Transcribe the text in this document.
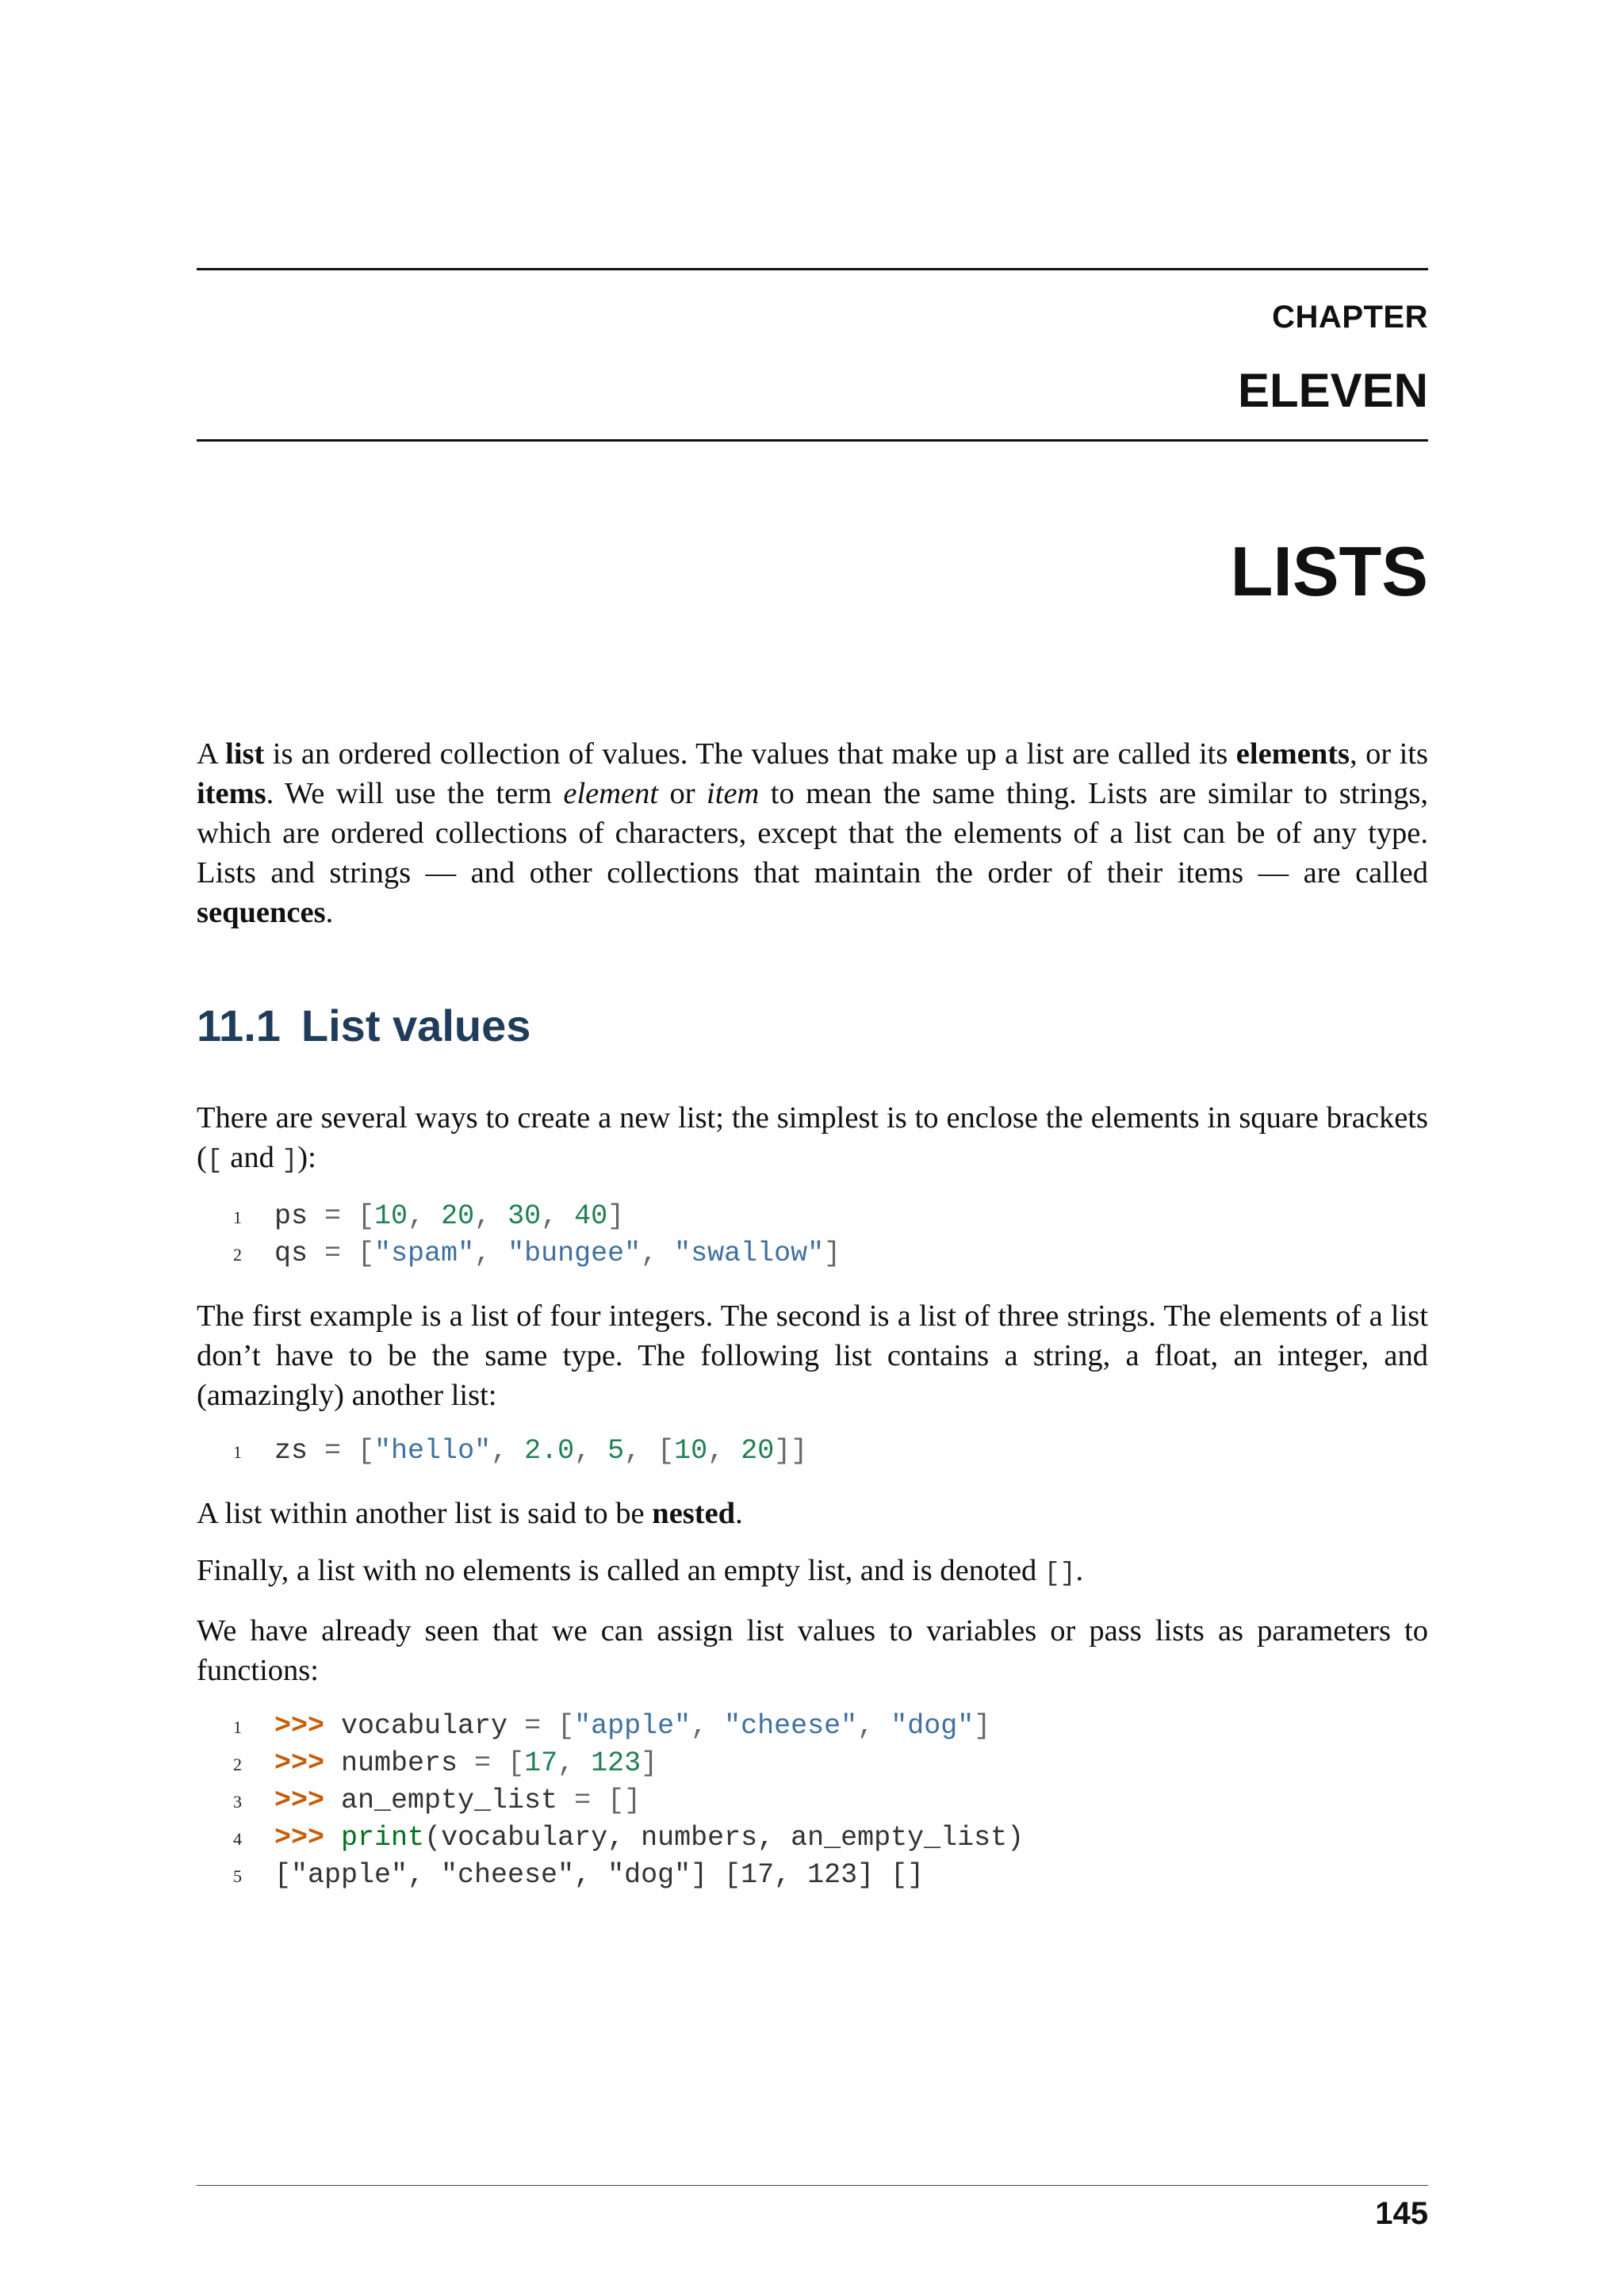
CHAPTER
ELEVEN
LISTS

A list is an ordered collection of values. The values that make up a list are called its elements, or its items. We will use the term element or item to mean the same thing. Lists are similar to strings, which are ordered collections of characters, except that the elements of a list can be of any type. Lists and strings — and other collections that maintain the order of their items — are called sequences.

11.1 List values

There are several ways to create a new list; the simplest is to enclose the elements in square brackets ([ and ]):

1 ps = [10, 20, 30, 40]
2 qs = ["spam", "bungee", "swallow"]

The first example is a list of four integers. The second is a list of three strings. The elements of a list don’t have to be the same type. The following list contains a string, a float, an integer, and (amazingly) another list:

1 zs = ["hello", 2.0, 5, [10, 20]]

A list within another list is said to be nested.

Finally, a list with no elements is called an empty list, and is denoted [].

We have already seen that we can assign list values to variables or pass lists as parameters to functions:

1 >>> vocabulary = ["apple", "cheese", "dog"]
2 >>> numbers = [17, 123]
3 >>> an_empty_list = []
4 >>> print(vocabulary, numbers, an_empty_list)
5 ["apple", "cheese", "dog"] [17, 123] []
145
